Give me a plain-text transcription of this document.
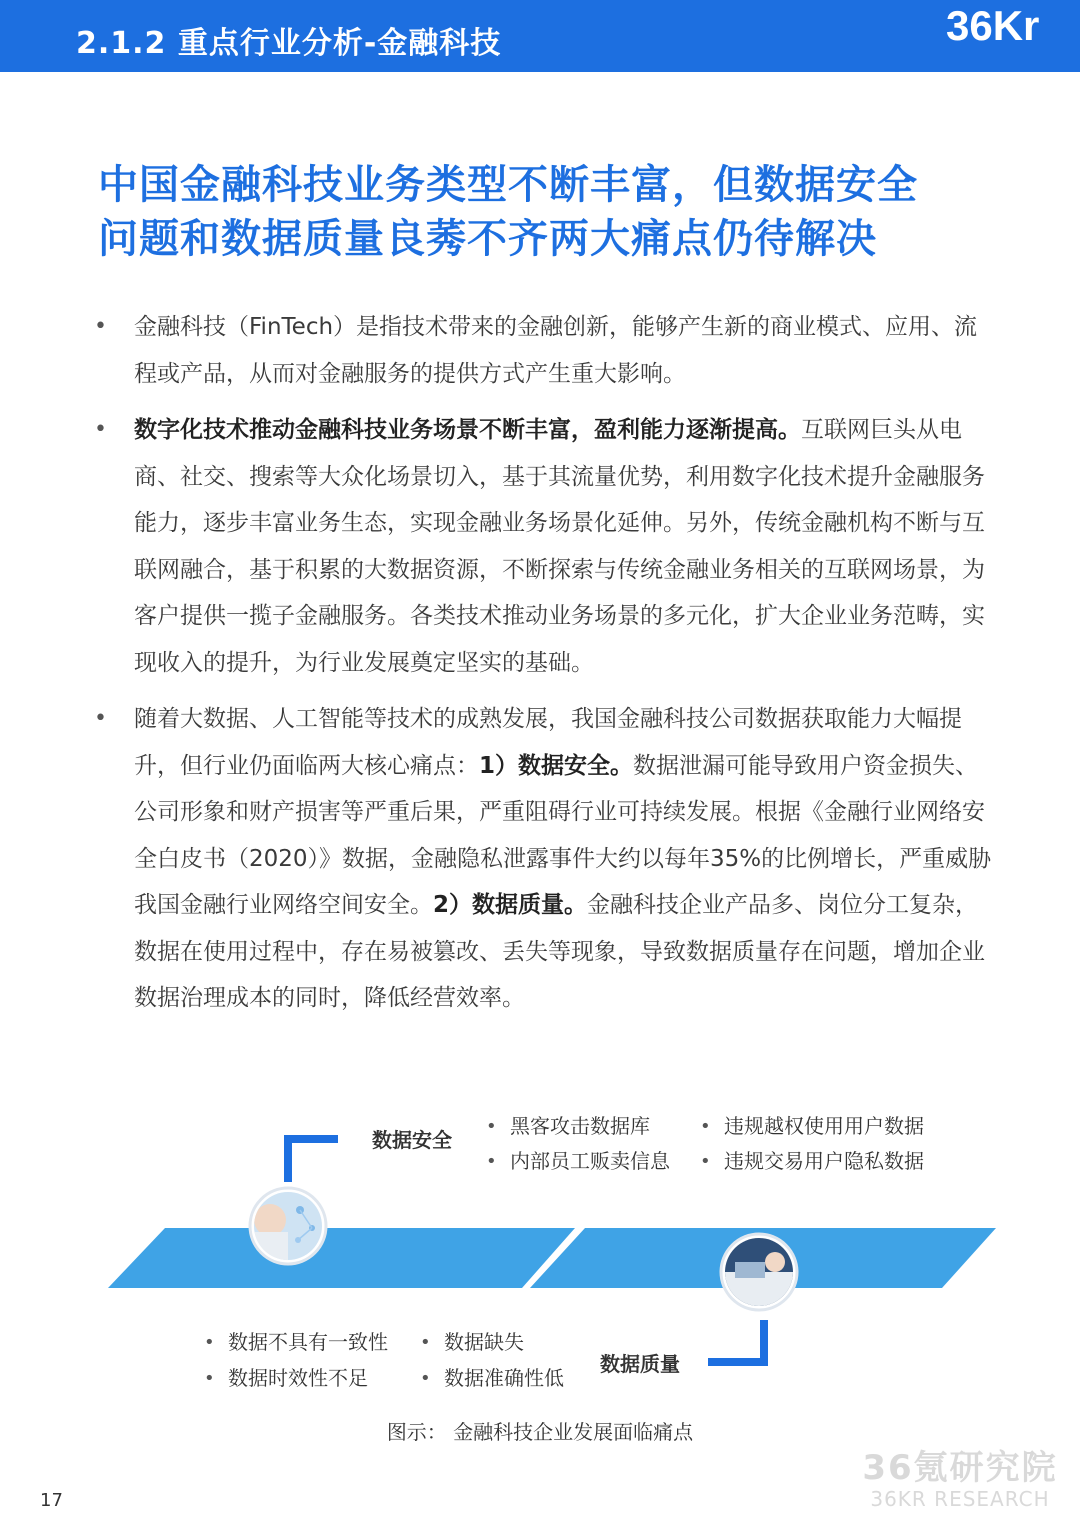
2.1.2 重点行业分析-金融科技	36Kr
中国金融科技业务类型不断丰富，但数据安全
问题和数据质量良莠不齐两大痛点仍待解决
• 金融科技（FinTech）是指技术带来的金融创新，能够产生新的商业模式、应用、流程或产品，从而对金融服务的提供方式产生重大影响。
• 数字化技术推动金融科技业务场景不断丰富，盈利能力逐渐提高。互联网巨头从电商、社交、搜索等大众化场景切入，基于其流量优势，利用数字化技术提升金融服务能力，逐步丰富业务生态，实现金融业务场景化延伸。另外，传统金融机构不断与互联网融合，基于积累的大数据资源，不断探索与传统金融业务相关的互联网场景，为客户提供一揽子金融服务。各类技术推动业务场景的多元化，扩大企业业务范畴，实现收入的提升，为行业发展奠定坚实的基础。
• 随着大数据、人工智能等技术的成熟发展，我国金融科技公司数据获取能力大幅提升，但行业仍面临两大核心痛点：1）数据安全。数据泄漏可能导致用户资金损失、公司形象和财产损害等严重后果，严重阻碍行业可持续发展。根据《金融行业网络安全白皮书（2020）》数据，金融隐私泄露事件大约以每年35%的比例增长，严重威胁我国金融行业网络空间安全。2）数据质量。金融科技企业产品多、岗位分工复杂，数据在使用过程中，存在易被篡改、丢失等现象，导致数据质量存在问题，增加企业数据治理成本的同时，降低经营效率。
数据安全
• 黑客攻击数据库	• 违规越权使用用户数据
• 内部员工贩卖信息 • 违规交易用户隐私数据
数据质量
• 数据不具有一致性 • 数据缺失
• 数据时效性不足	• 数据准确性低
图示： 金融科技企业发展面临痛点
36氪研究院
36KR RESEARCH
17
